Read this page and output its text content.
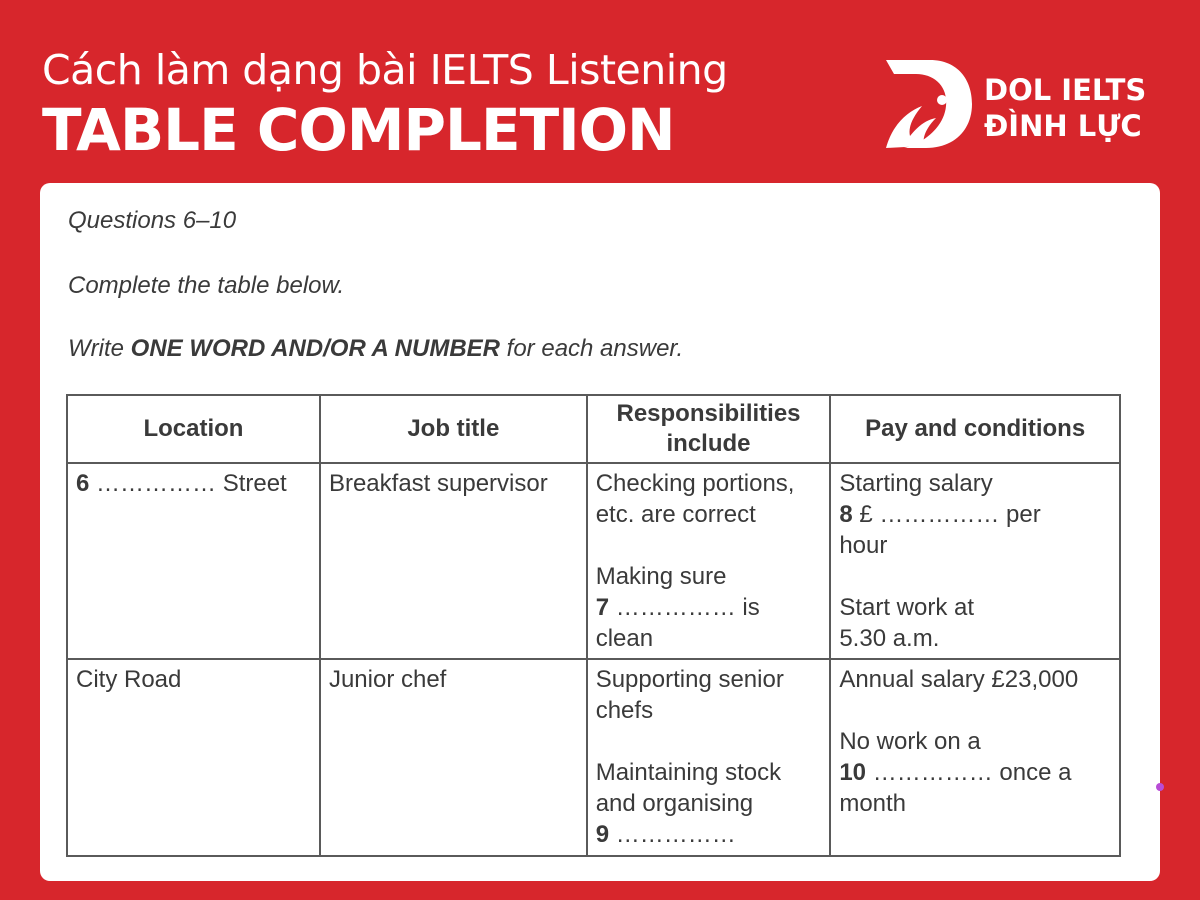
Cách làm dạng bài IELTS Listening
TABLE COMPLETION
DOL IELTS
ĐÌNH LỰC
Questions 6–10
Complete the table below.
Write ONE WORD AND/OR A NUMBER for each answer.
Location	Job title	Responsibilities include	Pay and conditions
6 …………… Street	Breakfast supervisor	Checking portions,
etc. are correct
Making sure
7 …………… is
clean	Starting salary
8 £ …………… per
hour
Start work at
5.30 a.m.

City Road	Junior chef	Supporting senior
chefs
Maintaining stock
and organising
9 ……………	Annual salary £23,000
No work on a
10 …………… once a
month
